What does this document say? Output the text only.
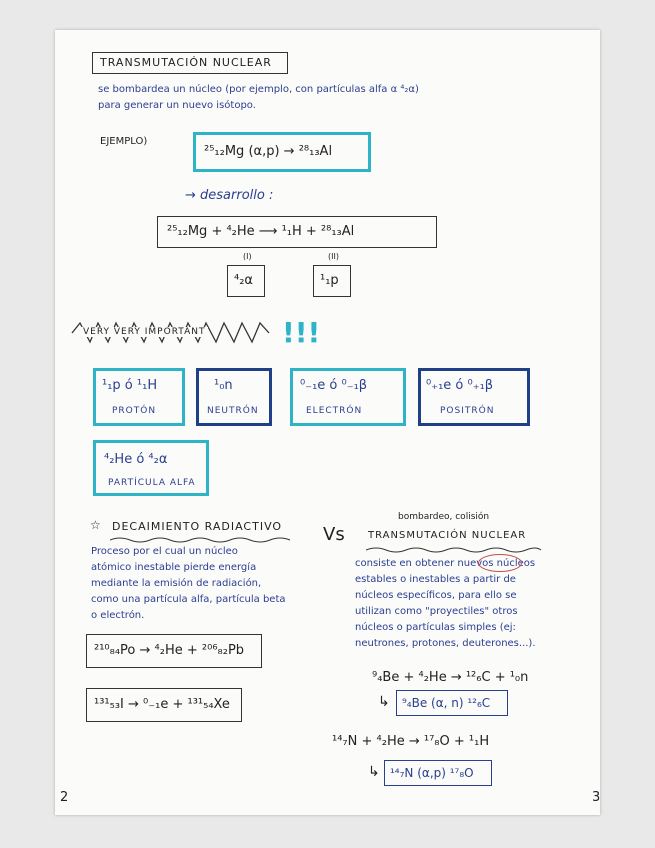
TRANSMUTACIÓN NUCLEAR
se bombardea un núcleo (por ejemplo, con partículas alfa α ⁴₂α)
para generar un nuevo isótopo.
EJEMPLO)
²⁵₁₂Mg (α,p) → ²⁸₁₃Al
→ desarrollo :
²⁵₁₂Mg + ⁴₂He ⟶ ¹₁H + ²⁸₁₃Al
(I)	(II)
⁴₂α	¹₁p
VERY VERY IMPORTANT	!!!
¹₁p ó ¹₁H
PROTÓN
¹₀n
NEUTRÓN
⁰₋₁e ó ⁰₋₁β
ELECTRÓN
⁰₊₁e ó ⁰₊₁β
POSITRÓN
⁴₂He ó ⁴₂α
PARTÍCULA ALFA
☆ DECAIMIENTO RADIACTIVO
Proceso por el cual un núcleo
atómico inestable pierde energía
mediante la emisión de radiación,
como una partícula alfa, partícula beta
o electrón.
²¹⁰₈₄Po → ⁴₂He + ²⁰⁶₈₂Pb
¹³¹₅₃I → ⁰₋₁e + ¹³¹₅₄Xe
Vs
bombardeo, colisión
TRANSMUTACIÓN NUCLEAR
consiste en obtener nuevos núcleos
estables o inestables a partir de
núcleos específicos, para ello se
utilizan como "proyectiles" otros
núcleos o partículas simples (ej:
neutrones, protones, deuterones...).
⁹₄Be + ⁴₂He → ¹²₆C + ¹₀n
↳ ⁹₄Be (α, n) ¹²₆C
¹⁴₇N + ⁴₂He → ¹⁷₈O + ¹₁H
↳ ¹⁴₇N (α,p) ¹⁷₈O
2	3
